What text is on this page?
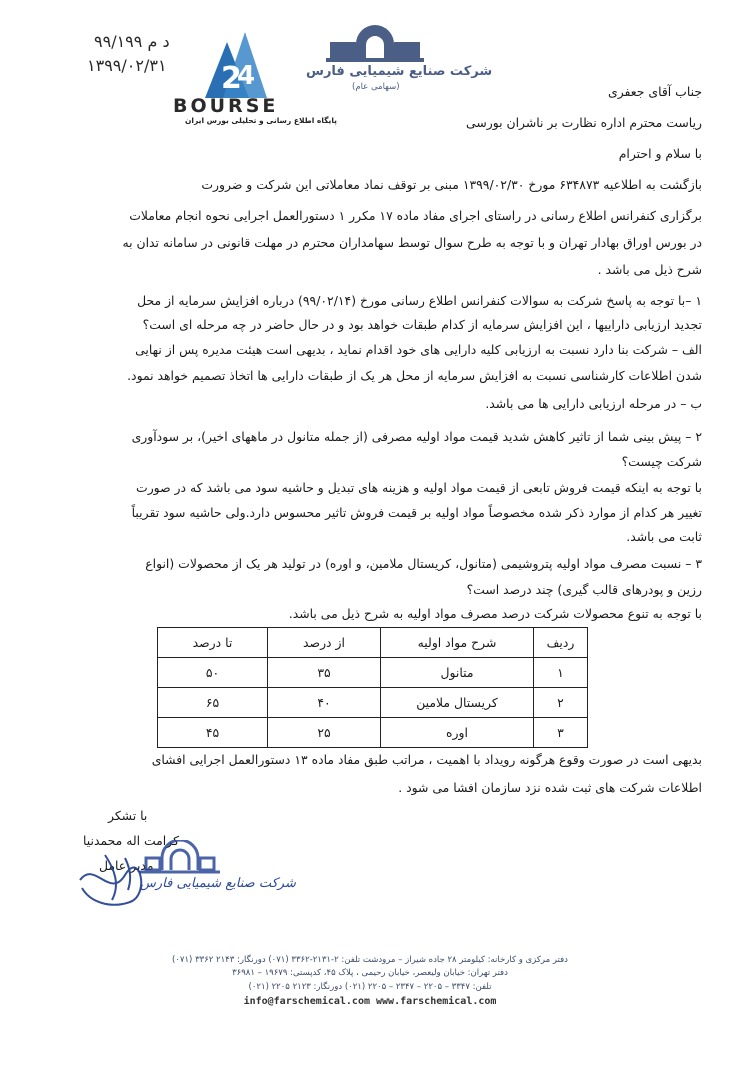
د م ۹۹/۱۹۹
۱۳۹۹/۰۲/۳۱ 2
4
BOURSE
پایگاه اطلاع رسانی و تحلیلی بورس ایران
شرکت صنایع شیمیایی فارس
(سهامی عام)	جناب آقای جعفری
ریاست محترم اداره نظارت بر ناشران بورسی
با سلام و احترام
بازگشت به اطلاعیه ۶۳۴۸۷۳ مورخ ۱۳۹۹/۰۲/۳۰ مبنی بر توقف نماد معاملاتی این شرکت و ضرورت
برگزاری کنفرانس اطلاع رسانی در راستای اجرای مفاد ماده ۱۷ مکرر ۱ دستورالعمل اجرایی نحوه انجام معاملات
در بورس اوراق بهادار تهران و با توجه به طرح سوال توسط سهامداران محترم در مهلت قانونی در سامانه تدان به
شرح ذیل می باشد .
۱ –با توجه به پاسخ شرکت به سوالات کنفرانس اطلاع رسانی مورخ (۹۹/۰۲/۱۴) درباره افزایش سرمایه از محل
تجدید ارزیابی داراییها ، این افزایش سرمایه از کدام طبقات خواهد بود و در حال حاضر در چه مرحله ای است؟
الف – شرکت بنا دارد نسبت به ارزیابی کلیه دارایی های خود اقدام نماید ، بدیهی است هیئت مدیره پس از نهایی
شدن اطلاعات کارشناسی نسبت به افزایش سرمایه از محل هر یک از طبقات دارایی ها اتخاذ تصمیم خواهد نمود.
ب – در مرحله ارزیابی دارایی ها می باشد.
۲ – پیش بینی شما از تاثیر کاهش شدید قیمت مواد اولیه مصرفی (از جمله متانول در ماههای اخیر)، بر سودآوری
شرکت چیست؟
با توجه به اینکه قیمت فروش تابعی از قیمت مواد اولیه و هزینه های تبدیل و حاشیه سود می باشد که در صورت
تغییر هر کدام از موارد ذکر شده مخصوصاً مواد اولیه بر قیمت فروش تاثیر محسوس دارد.ولی حاشیه سود تقریباً
ثابت می باشد.
۳ – نسبت مصرف مواد اولیه پتروشیمی (متانول، کریستال ملامین، و اوره) در تولید هر یک از محصولات (انواع
رزین و پودرهای قالب گیری) چند درصد است؟
با توجه به تنوع محصولات شرکت درصد مصرف مواد اولیه به شرح ذیل می باشد.
ردیف	شرح مواد اولیه	از درصد	تا درصد
۱	متانول	۳۵	۵۰
۲	کریستال ملامین	۴۰	۶۵
۳	اوره	۲۵	۴۵
بدیهی است در صورت وقوع هرگونه رویداد با اهمیت ، مراتب طبق مفاد ماده ۱۳ دستورالعمل اجرایی افشای
اطلاعات شرکت های ثبت شده نزد سازمان افشا می شود .
با تشکر
کرامت اله محمدنیا
مدیر عامل
شرکت صنایع شیمیایی فارس
دفتر مرکزی و کارخانه: کیلومتر ۲۸ جاده شیراز – مرودشت تلفن: ۲-۲۱۳۱-۳۳۶۲ (۰۷۱) دورنگار: ۲۱۴۳ ۳۳۶۲ (۰۷۱)
دفتر تهران: خیابان ولیعصر، خیابان رحیمی ، پلاک ۴۵، کدپستی: ۱۹۶۷۹ – ۳۶۹۸۱
تلفن: ۳۳۴۷ – ۲۲۰۵ – ۲۳۴۷ – ۲۲۰۵ (۰۲۱) دورنگار: ۲۱۲۳ ۲۲۰۵ (۰۲۱)
info@farschemical.com www.farschemical.com
